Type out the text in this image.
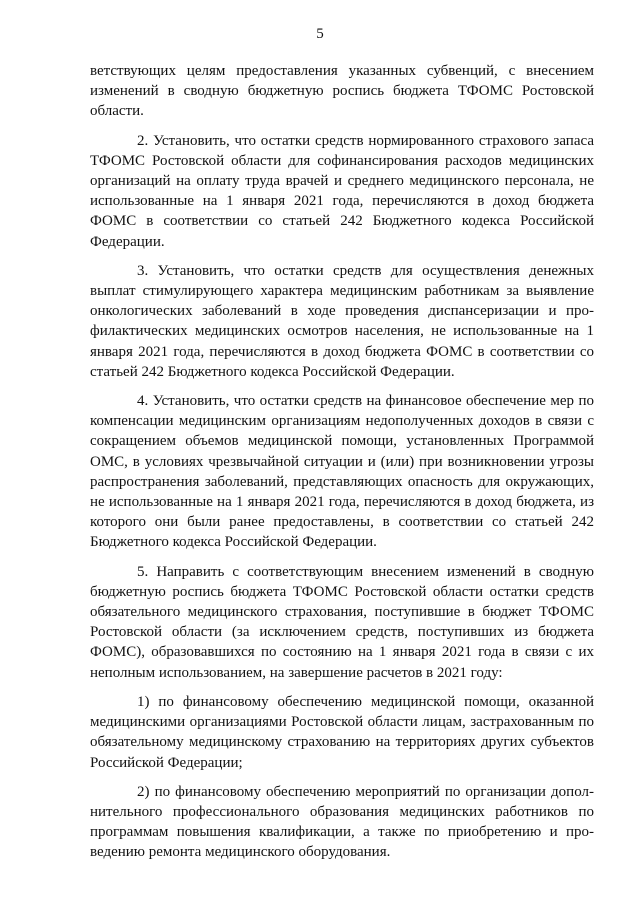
5

ветствующих целям предоставления указанных субвенций, с внесением изменений в сводную бюджетную роспись бюджета ТФОМС Ростовской области.

2. Установить, что остатки средств нормированного страхового запаса ТФОМС Ростовской области для софинансирования расходов медицинских организаций на оплату труда врачей и среднего медицинского персонала, не использованные на 1 января 2021 года, перечисляются в доход бюджета ФОМС в соответствии со статьей 242 Бюджетного кодекса Российской Федерации.

3. Установить, что остатки средств для осуществления денежных выплат стимулирующего характера медицинским работникам за выявление онкологических заболеваний в ходе проведения диспансеризации и профилактических медицинских осмотров населения, не использованные на 1 января 2021 года, перечисляются в доход бюджета ФОМС в соответствии со статьей 242 Бюджетного кодекса Российской Федерации.

4. Установить, что остатки средств на финансовое обеспечение мер по компенсации медицинским организациям недополученных доходов в связи с сокращением объемов медицинской помощи, установленных Программой ОМС, в условиях чрезвычайной ситуации и (или) при возникновении угрозы распространения заболеваний, представляющих опасность для окружающих, не использованные на 1 января 2021 года, перечисляются в доход бюджета, из которого они были ранее предоставлены, в соответствии со статьей 242 Бюджетного кодекса Российской Федерации.

5. Направить с соответствующим внесением изменений в сводную бюджетную роспись бюджета ТФОМС Ростовской области остатки средств обязательного медицинского страхования, поступившие в бюджет ТФОМС Ростовской области (за исключением средств, поступивших из бюджета ФОМС), образовавшихся по состоянию на 1 января 2021 года в связи с их неполным использованием, на завершение расчетов в 2021 году:

1) по финансовому обеспечению медицинской помощи, оказанной медицинскими организациями Ростовской области лицам, застрахованным по обязательному медицинскому страхованию на территориях других субъектов Российской Федерации;

2) по финансовому обеспечению мероприятий по организации дополнительного профессионального образования медицинских работников по программам повышения квалификации, а также по приобретению и проведению ремонта медицинского оборудования.
